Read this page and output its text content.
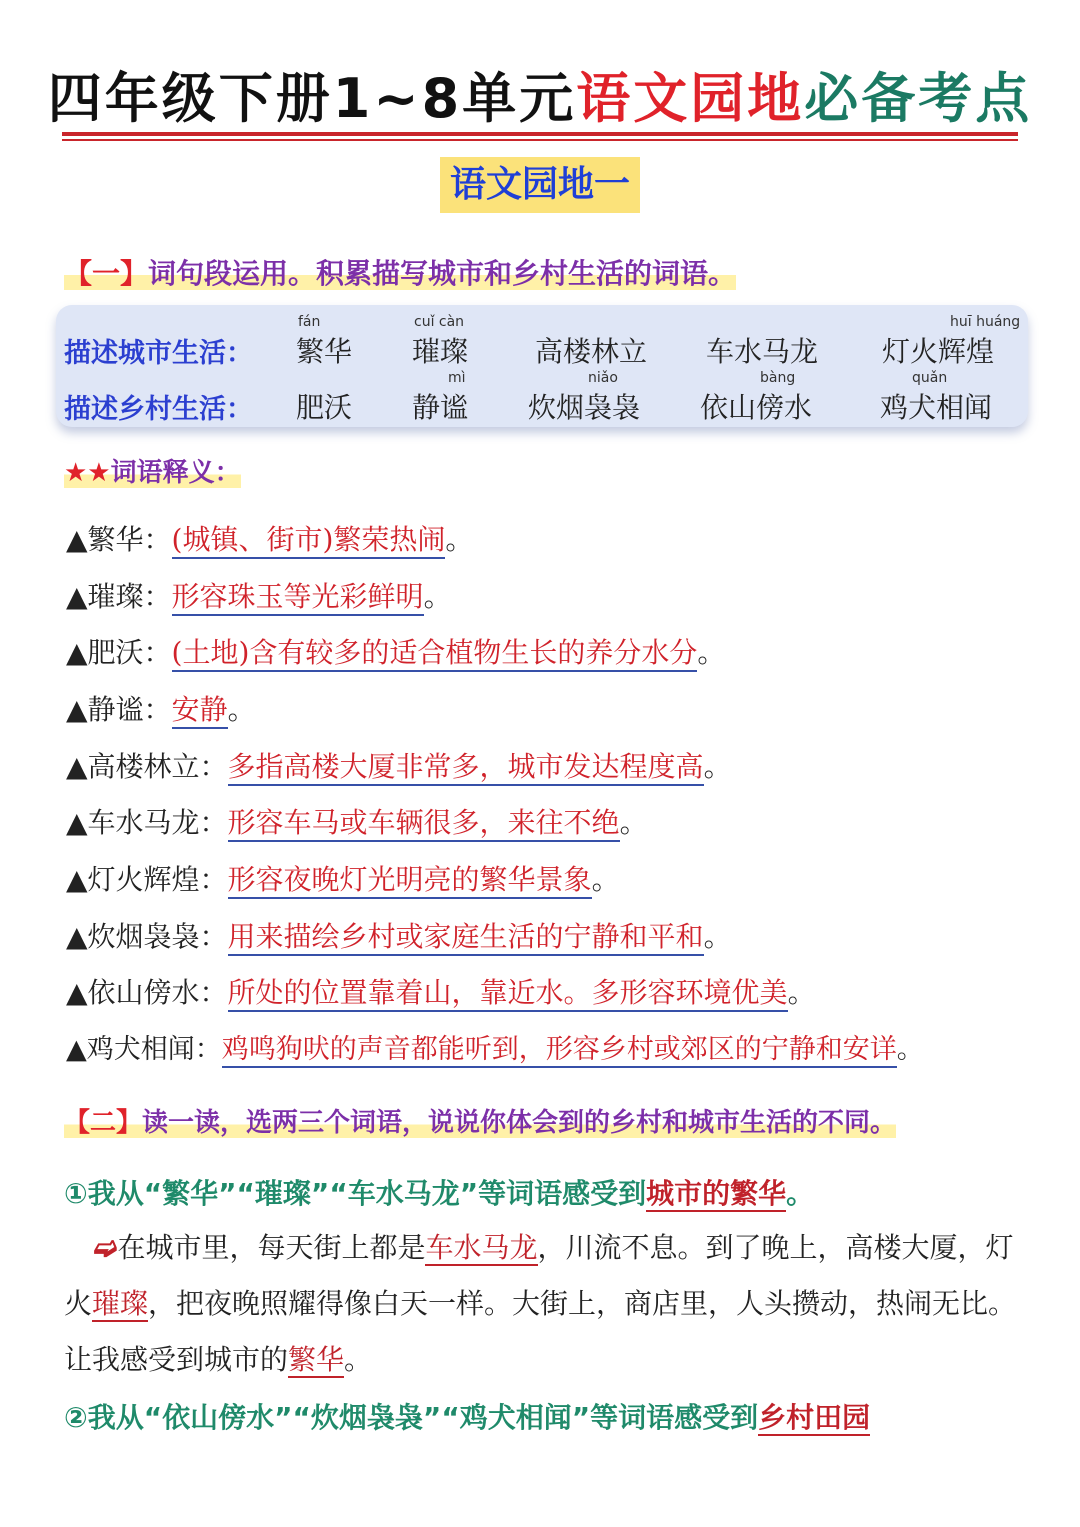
四年级下册1~8单元语文园地必备考点
语文园地一
【一】词句段运用。积累描写城市和乡村生活的词语。
描述城市生活：
fán
繁华
cuǐ càn
璀璨 高楼林立 车水马龙
huī huáng
灯火辉煌
描述乡村生活： 肥沃
mì
静谧
niǎo
炊烟袅袅
bàng
依山傍水
quǎn
鸡犬相闻
★★词语释义：
▲繁华：(城镇、街市)繁荣热闹。
▲璀璨：形容珠玉等光彩鲜明。
▲肥沃：(土地)含有较多的适合植物生长的养分水分。
▲静谧：安静。
▲高楼林立：多指高楼大厦非常多，城市发达程度高。
▲车水马龙：形容车马或车辆很多，来往不绝。
▲灯火辉煌：形容夜晚灯光明亮的繁华景象。
▲炊烟袅袅：用来描绘乡村或家庭生活的宁静和平和。
▲依山傍水：所处的位置靠着山，靠近水。多形容环境优美。
▲鸡犬相闻：鸡鸣狗吠的声音都能听到，形容乡村或郊区的宁静和安详。
【二】读一读，选两三个词语，说说你体会到的乡村和城市生活的不同。
①我从“繁华”“璀璨”“车水马龙”等词语感受到城市的繁华。
➫在城市里，每天街上都是车水马龙，川流不息。到了晚上，高楼大厦，灯火璀璨，把夜晚照耀得像白天一样。大街上，商店里，人头攒动，热闹无比。让我感受到城市的繁华。
②我从“依山傍水”“炊烟袅袅”“鸡犬相闻”等词语感受到乡村田园
